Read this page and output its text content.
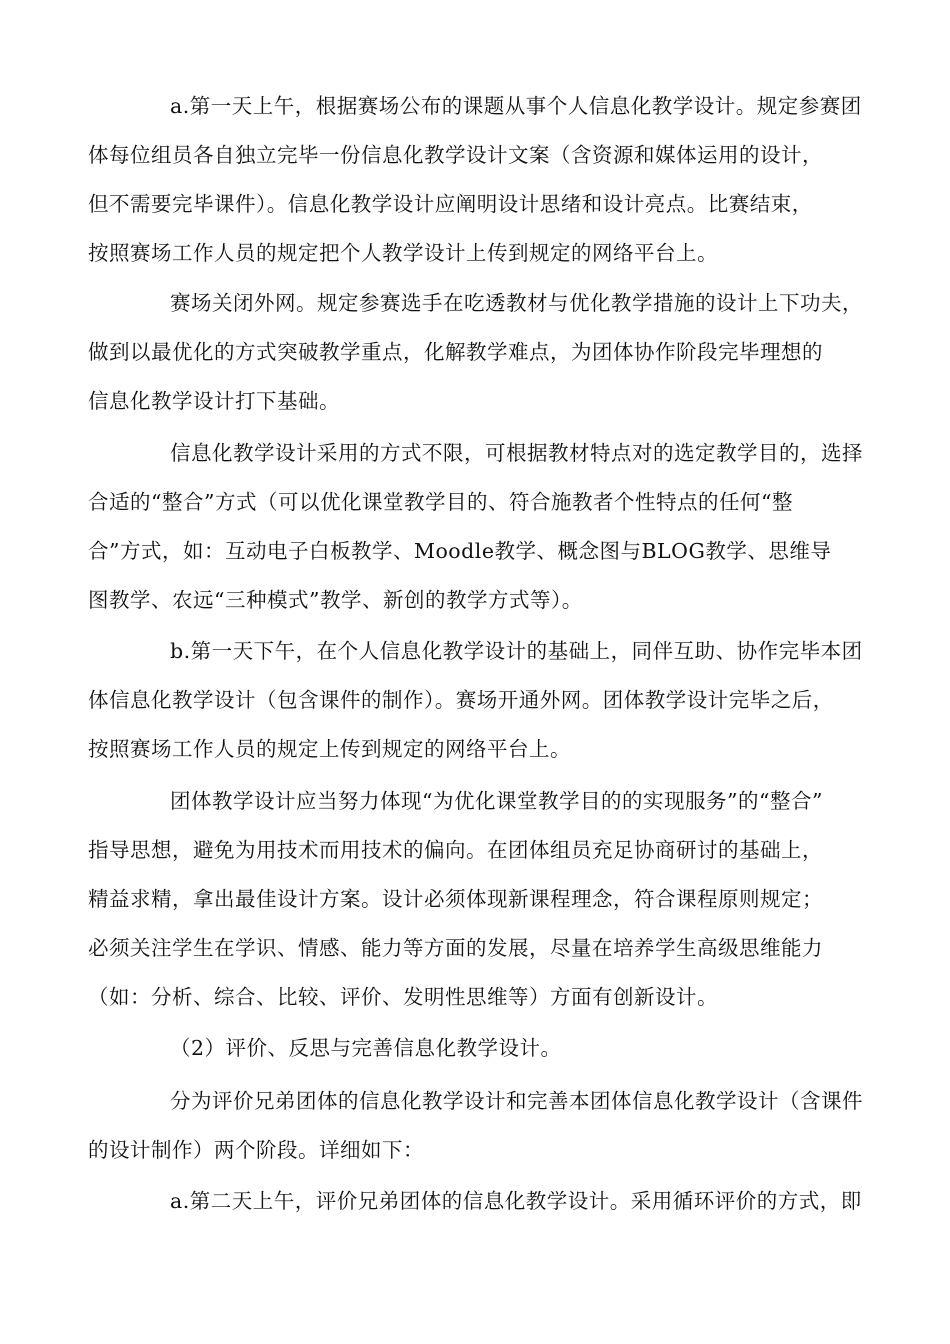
a.第一天上午，根据赛场公布的课题从事个人信息化教学设计。规定参赛团
体每位组员各自独立完毕一份信息化教学设计文案（含资源和媒体运用的设计，
但不需要完毕课件）。信息化教学设计应阐明设计思绪和设计亮点。比赛结束，
按照赛场工作人员的规定把个人教学设计上传到规定的网络平台上。
赛场关闭外网。规定参赛选手在吃透教材与优化教学措施的设计上下功夫，
做到以最优化的方式突破教学重点，化解教学难点，为团体协作阶段完毕理想的
信息化教学设计打下基础。
信息化教学设计采用的方式不限，可根据教材特点对的选定教学目的，选择
合适的“整合”方式（可以优化课堂教学目的、符合施教者个性特点的任何“整
合”方式，如：互动电子白板教学、Moodle教学、概念图与BLOG教学、思维导
图教学、农远“三种模式”教学、新创的教学方式等）。
b.第一天下午，在个人信息化教学设计的基础上，同伴互助、协作完毕本团
体信息化教学设计（包含课件的制作）。赛场开通外网。团体教学设计完毕之后，
按照赛场工作人员的规定上传到规定的网络平台上。
团体教学设计应当努力体现“为优化课堂教学目的的实现服务”的“整合”
指导思想，避免为用技术而用技术的偏向。在团体组员充足协商研讨的基础上，
精益求精，拿出最佳设计方案。设计必须体现新课程理念，符合课程原则规定；
必须关注学生在学识、情感、能力等方面的发展，尽量在培养学生高级思维能力
（如：分析、综合、比较、评价、发明性思维等）方面有创新设计。
（2）评价、反思与完善信息化教学设计。
分为评价兄弟团体的信息化教学设计和完善本团体信息化教学设计（含课件
的设计制作）两个阶段。详细如下：
a.第二天上午，评价兄弟团体的信息化教学设计。采用循环评价的方式，即
